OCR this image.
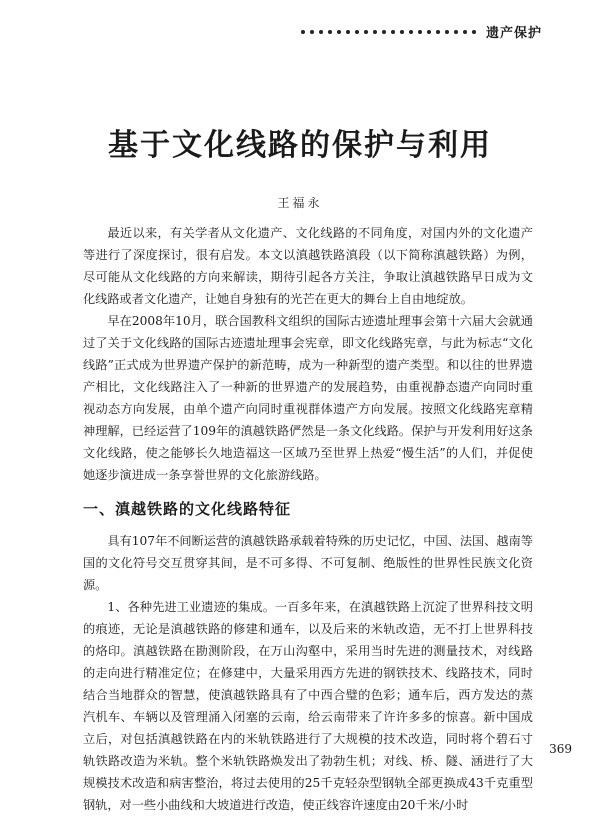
遗产保护
基于文化线路的保护与利用
王福永

最近以来，有关学者从文化遗产、文化线路的不同角度，对国内外的文化遗产等进行了深度探讨，很有启发。本文以滇越铁路滇段（以下简称滇越铁路）为例，尽可能从文化线路的方向来解读，期待引起各方关注，争取让滇越铁路早日成为文化线路或者文化遗产，让她自身独有的光芒在更大的舞台上自由地绽放。

早在2008年10月，联合国教科文组织的国际古迹遗址理事会第十六届大会就通过了关于文化线路的国际古迹遗址理事会宪章，即文化线路宪章，与此为标志“文化线路”正式成为世界遗产保护的新范畴，成为一种新型的遗产类型。和以往的世界遗产相比，文化线路注入了一种新的世界遗产的发展趋势，由重视静态遗产向同时重视动态方向发展，由单个遗产向同时重视群体遗产方向发展。按照文化线路宪章精神理解，已经运营了109年的滇越铁路俨然是一条文化线路。保护与开发利用好这条文化线路，使之能够长久地造福这一区域乃至世界上热爱“慢生活”的人们，并促使她逐步演进成一条享誉世界的文化旅游线路。

一、滇越铁路的文化线路特征

具有107年不间断运营的滇越铁路承载着特殊的历史记忆，中国、法国、越南等国的文化符号交互贯穿其间，是不可多得、不可复制、绝版性的世界性民族文化资源。

1、各种先进工业遗迹的集成。一百多年来，在滇越铁路上沉淀了世界科技文明的痕迹，无论是滇越铁路的修建和通车，以及后来的米轨改造，无不打上世界科技的烙印。滇越铁路在勘测阶段，在万山沟壑中，采用当时先进的测量技术，对线路的走向进行精准定位；在修建中，大量采用西方先进的钢铁技术、线路技术，同时结合当地群众的智慧，使滇越铁路具有了中西合璧的色彩；通车后，西方发达的蒸汽机车、车辆以及管理涌入闭塞的云南，给云南带来了许许多多的惊喜。新中国成立后，对包括滇越铁路在内的米轨铁路进行了大规模的技术改造，同时将个碧石寸轨铁路改造为米轨。整个米轨铁路焕发出了勃勃生机；对线、桥、隧、涵进行了大规模技术改造和病害整治，将过去使用的25千克轻杂型钢轨全部更换成43千克重型钢轨，对一些小曲线和大坡道进行改造，使正线容许速度由20千米/小时

369
